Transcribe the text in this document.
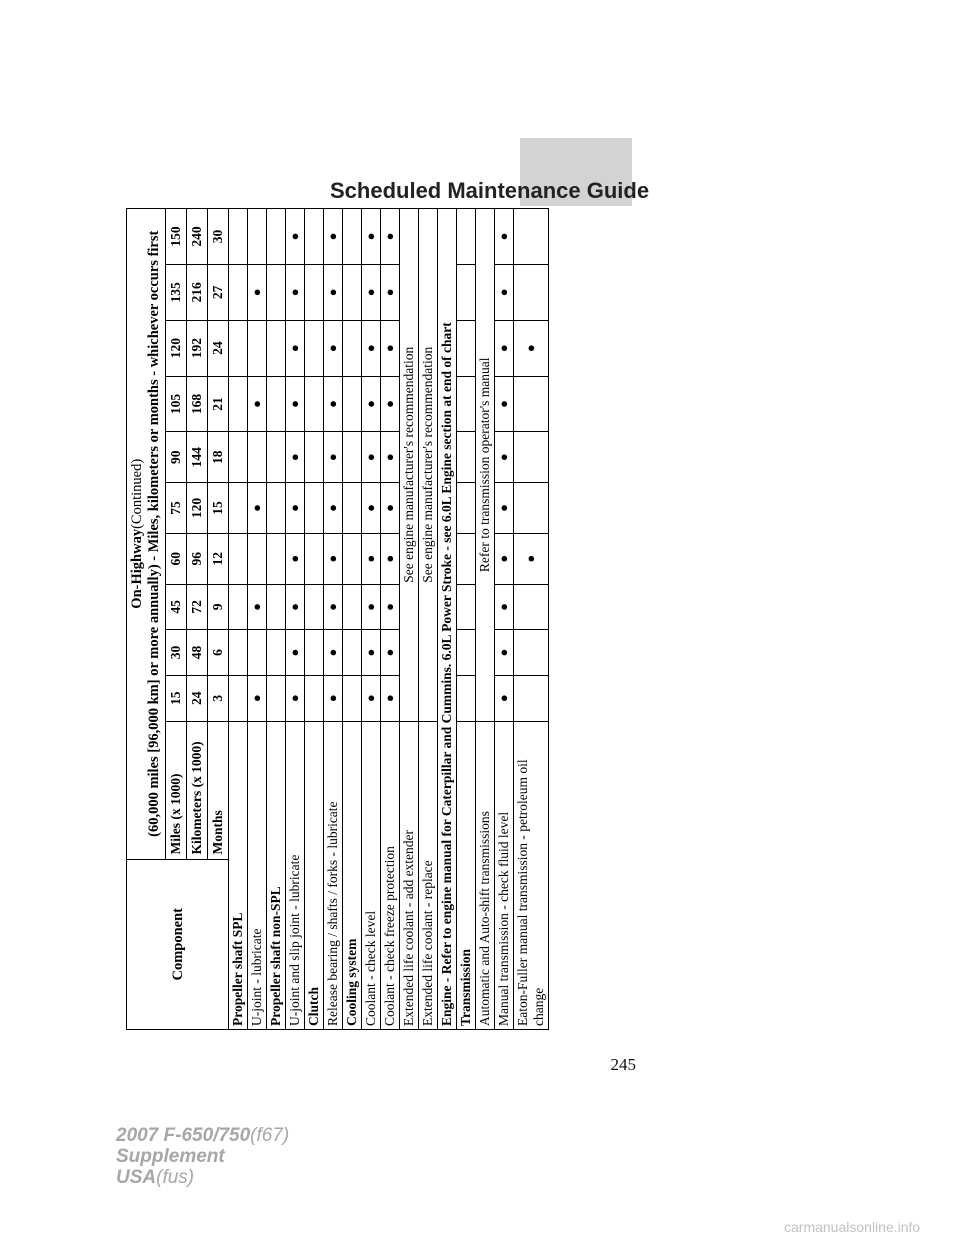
Scheduled Maintenance Guide
Component	On-Highway(Continued)
(60,000 miles [96,000 km] or more annually) - Miles, kilometers or months - whichever occurs first										
	Miles (x 1000)	15	30	45	60	75	90	105	120	135	150
	Kilometers (x 1000)	24	48	72	96	120	144	168	192	216	240
	Months	3	6	9	12	15	18	21	24	27	30
Propeller shaft SPL											
U-joint - lubricate		●		●		●		●		●	
Propeller shaft non-SPL											
U-joint and slip joint - lubricate		●	●	●	●	●	●	●	●	●	●
Clutch											
Release bearing / shafts / forks - lubricate		●	●	●	●	●	●	●	●	●	●
Cooling system											
Coolant - check level		●	●	●	●	●	●	●	●	●	●
Coolant - check freeze protection		●	●	●	●	●	●	●	●	●	●
Extended life coolant - add extender		See engine manufacturer's recommendation									
Extended life coolant - replace		See engine manufacturer's recommendation									
Engine - Refer to engine manual for Caterpillar and Cummins. 6.0L Power Stroke - see 6.0L Engine section at end of chart											
Transmission											
Automatic and Auto-shift transmissions		Refer to transmission operator's manual									
Manual transmission - check fluid level		●	●	●	●	●	●	●	●	●	●
Eaton-Fuller manual transmission - petroleum oil change					●				●		
245
2007 F-650/750(f67)
Supplement
USA(fus)
carmanualsonline.info
